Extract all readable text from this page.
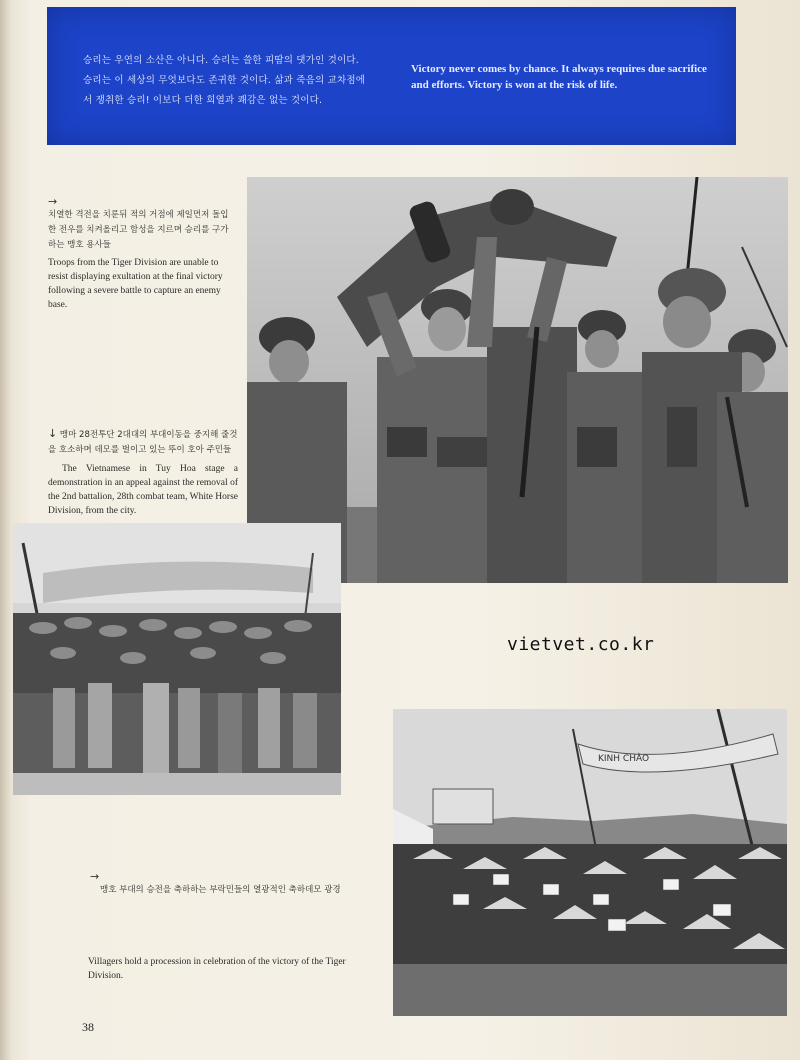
승리는 우연의 소산은 아니다. 승리는 쓸한 피땀의 댓가인 것이다.
승리는 이 세상의 무엇보다도 존귀한 것이다. 삶과 죽음의 교차점에
서 쟁취한 승리! 이보다 더한 희열과 쾌감은 없는 것이다.
Victory never comes by chance. It always requires due sacrifice and efforts. Victory is won at the risk of life.
→
치열한 격전을 치룬뒤 적의 거점에 제일먼저 돌입한 전우를 치켜올리고 함성을 지르며 승리를 구가하는 맹호 용사들
Troops from the Tiger Division are unable to resist displaying exultation at the final victory following a severe battle to capture an enemy base.
↓ 맹마 28전투단 2대대의 부대이동을 중지해 줄것을 호소하며 데모를 벌이고 있는 뚜이 호아 주민들
The Vietnamese in Tuy Hoa stage a demonstration in an appeal against the removal of the 2nd battalion, 28th combat team, White Horse Division, from the city.
vietvet.co.kr
KINH CHÀO
→
맹호 부대의 승전을 축하하는 부락민들의 열광적인 축하데모 광경
Villagers hold a procession in celebration of the victory of the Tiger Division.
38
